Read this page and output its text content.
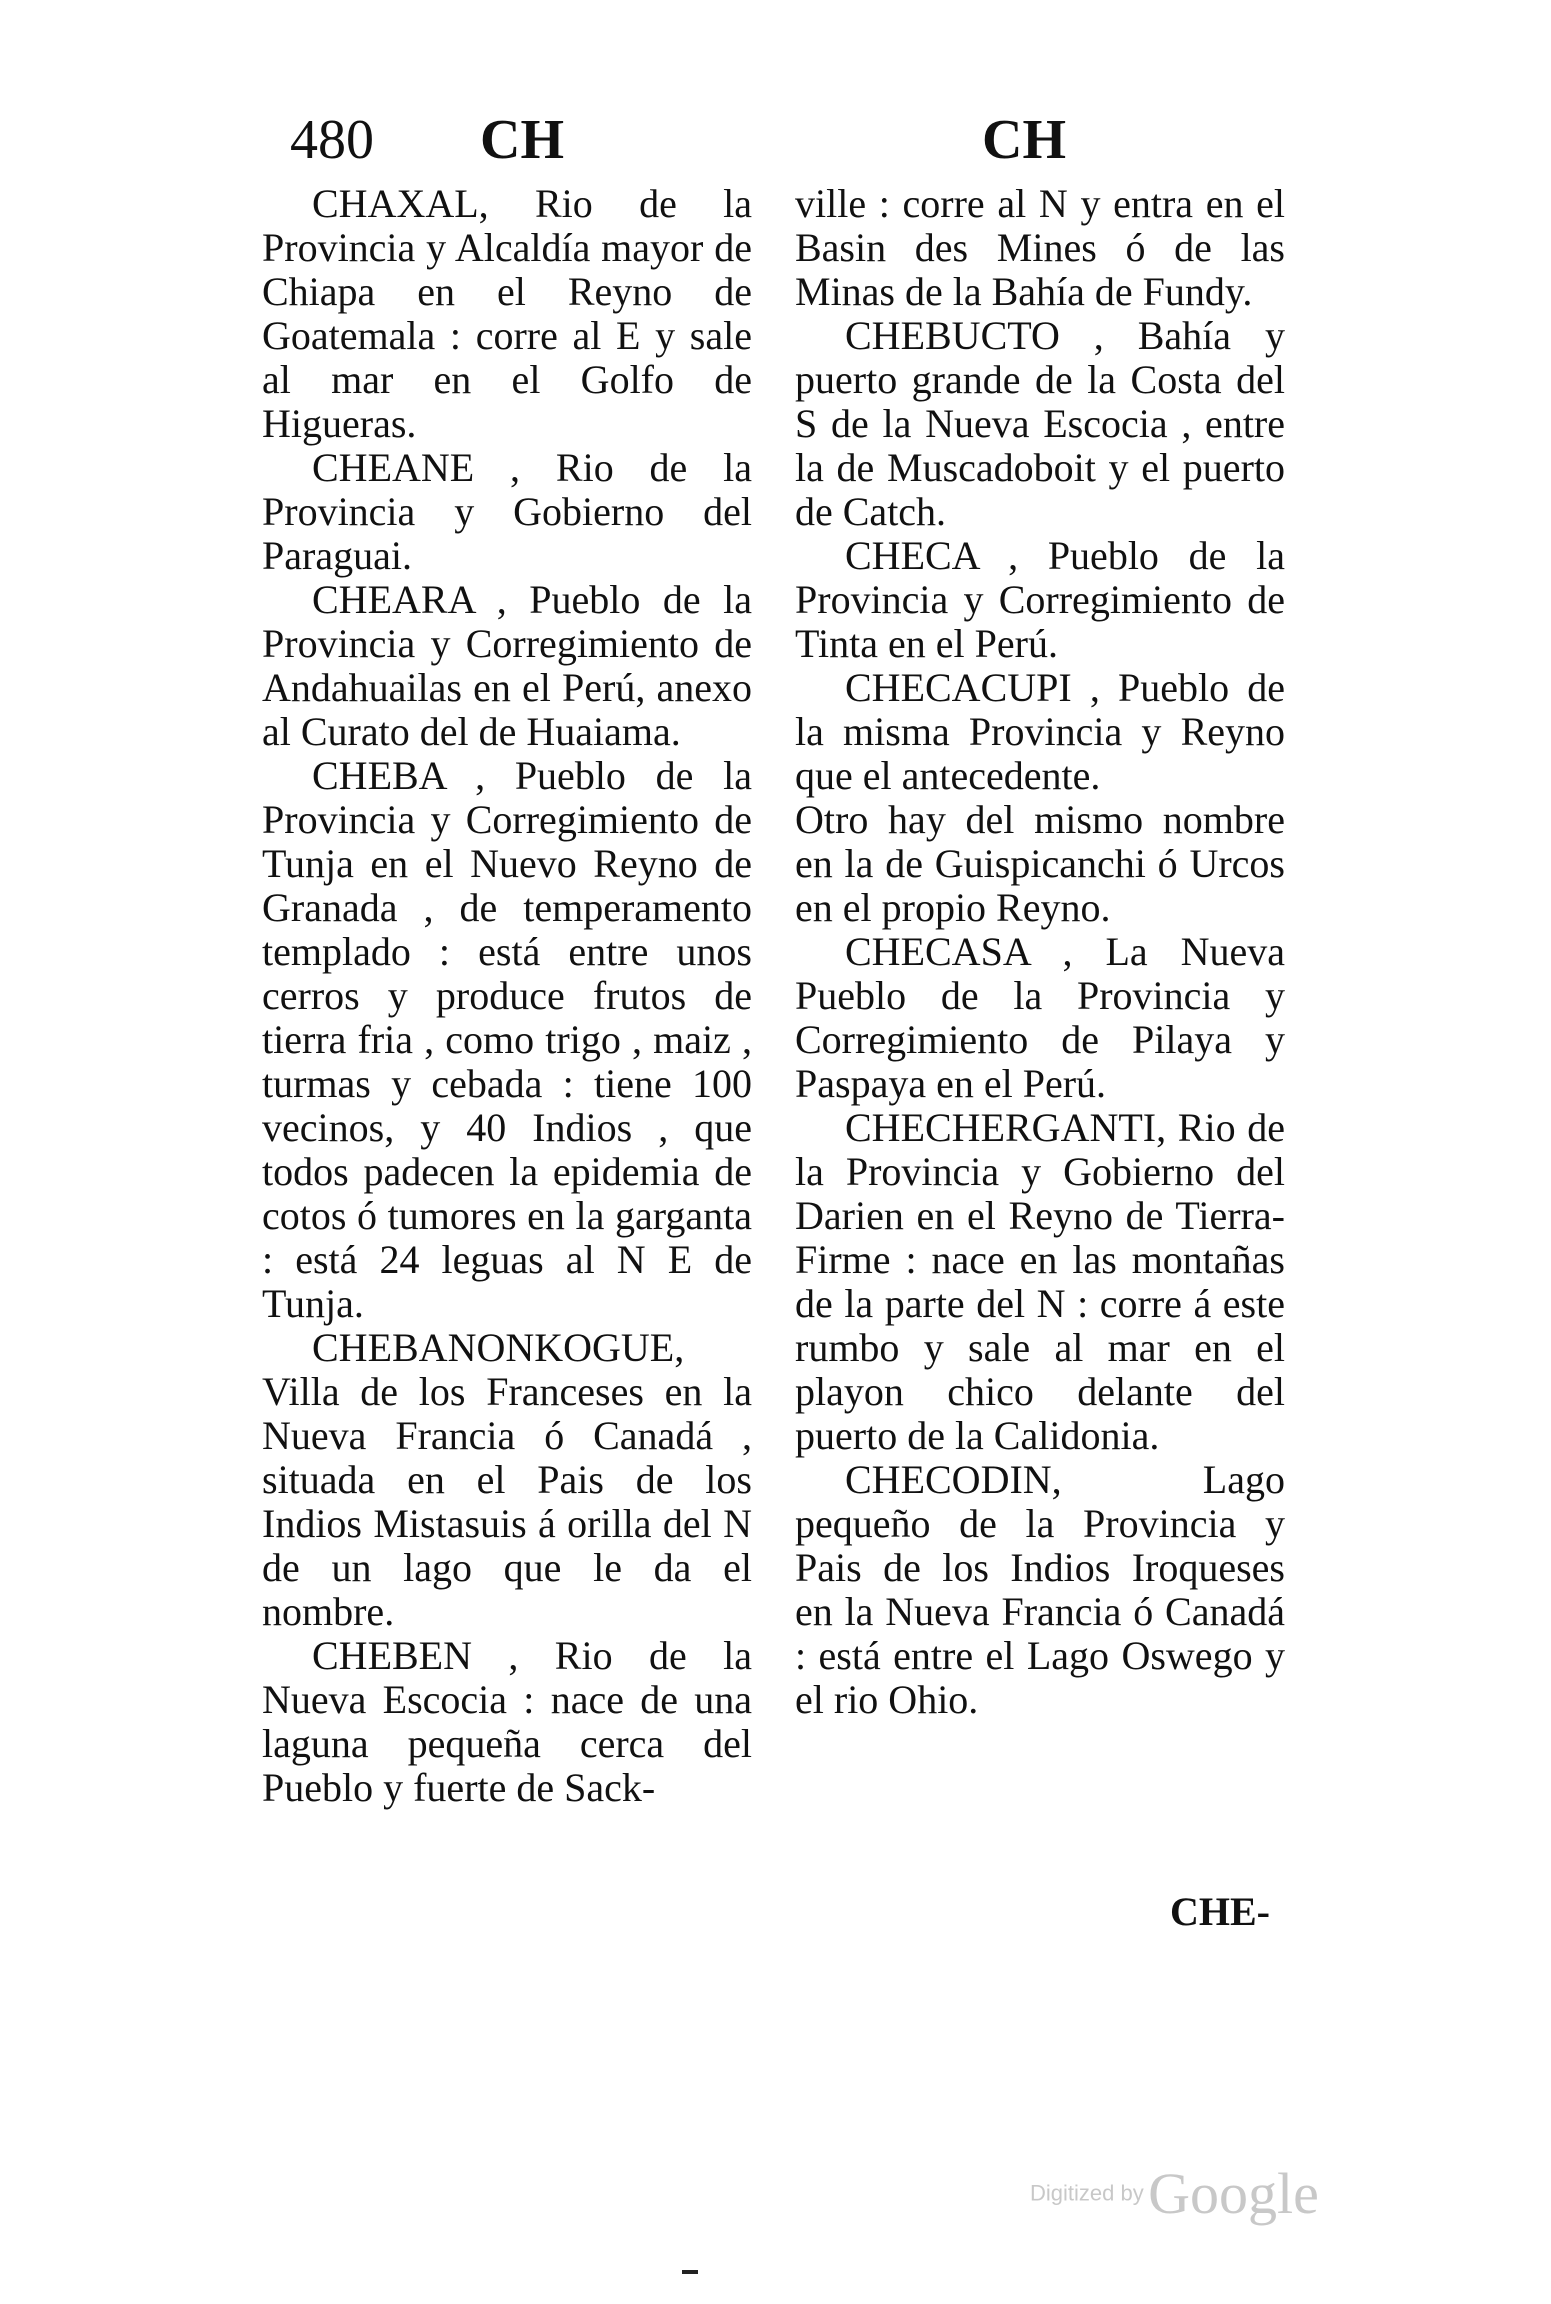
480 CH	CH

CHAXAL, Rio de la Provincia y Alcaldía mayor de Chiapa en el Reyno de Goatemala : corre al E y sale al mar en el Golfo de Higueras.

CHEANE , Rio de la Provincia y Gobierno del Paraguai.

CHEARA , Pueblo de la Provincia y Corregimiento de Andahuailas en el Perú, anexo al Curato del de Huaiama.

CHEBA , Pueblo de la Provincia y Corregimiento de Tunja en el Nuevo Reyno de Granada , de temperamento templado : está entre unos cerros y produce frutos de tierra fria , como trigo , maiz , turmas y cebada : tiene 100 vecinos, y 40 Indios , que todos padecen la epidemia de cotos ó tumores en la garganta : está 24 leguas al N E de Tunja.

CHEBANONKOGUE, Villa de los Franceses en la Nueva Francia ó Canadá , situada en el Pais de los Indios Mistasuis á orilla del N de un lago que le da el nombre.

CHEBEN , Rio de la Nueva Escocia : nace de una laguna pequeña cerca del Pueblo y fuerte de Sack-

ville : corre al N y entra en el Basin des Mines ó de las Minas de la Bahía de Fundy.

CHEBUCTO , Bahía y puerto grande de la Costa del S de la Nueva Escocia , entre la de Muscadoboit y el puerto de Catch.

CHECA , Pueblo de la Provincia y Corregimiento de Tinta en el Perú.

CHECACUPI , Pueblo de la misma Provincia y Reyno que el antecedente.

Otro hay del mismo nombre en la de Guispicanchi ó Urcos en el propio Reyno.

CHECASA , La Nueva Pueblo de la Provincia y Corregimiento de Pilaya y Paspaya en el Perú.

CHECHERGANTI, Rio de la Provincia y Gobierno del Darien en el Reyno de Tierra-Firme : nace en las montañas de la parte del N : corre á este rumbo y sale al mar en el playon chico delante del puerto de la Calidonia.

CHECODIN, Lago pequeño de la Provincia y Pais de los Indios Iroqueses en la Nueva Francia ó Canadá : está entre el Lago Oswego y el rio Ohio.

CHE-
Digitized by Google
